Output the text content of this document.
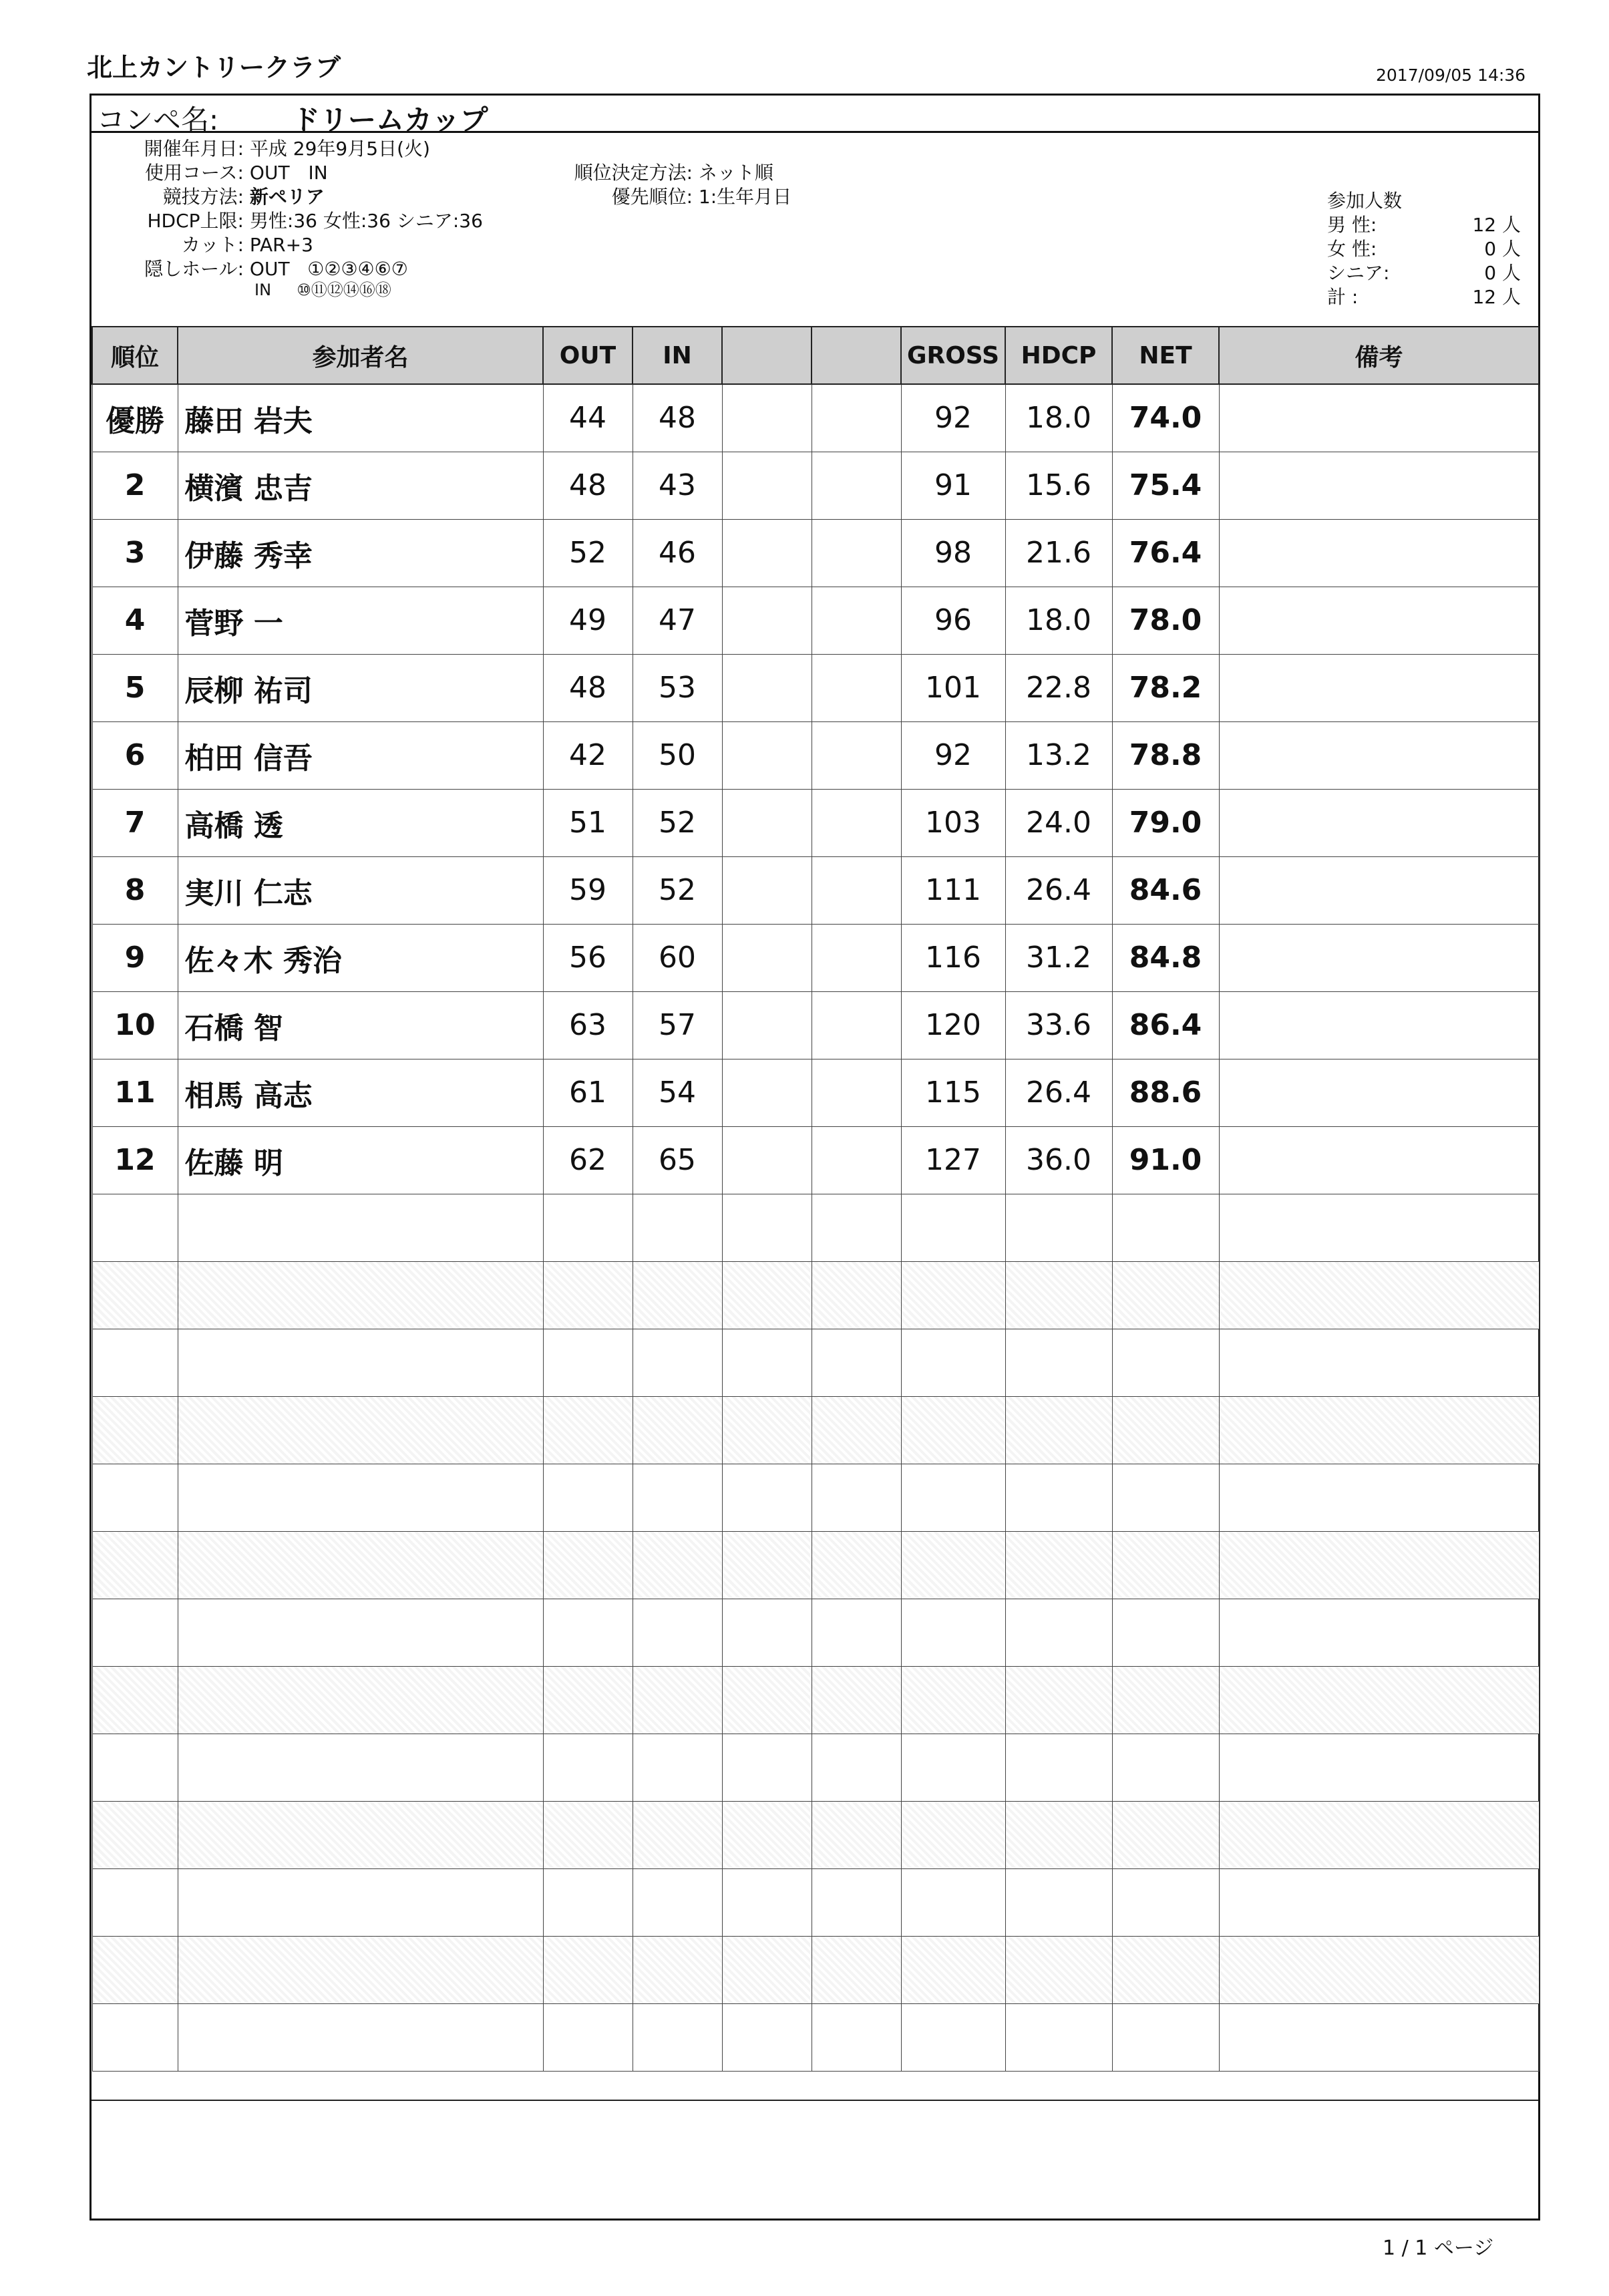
北上カントリークラブ	2017/09/05 14:36
コンペ名:	ドリームカップ
開催年月日: 平成 29年9月5日(火)
使用コース: OUT　IN
競技方法: 新ペリア
HDCP上限: 男性:36 女性:36 シニア:36
カット: PAR+3
隠しホール: OUT ①②③④⑥⑦
IN ⑩⑪⑫⑭⑯⑱
順位決定方法: ネット順
優先順位: 1:生年月日	参加人数
男 性:	12 人
女 性:	0 人
シニア:	0 人
計 :	12 人
順位	参加者名	OUT	IN			GROSS	HDCP	NET	備考
優勝	藤田 岩夫	44	48			92	18.0	74.0	
2	横濱 忠吉	48	43			91	15.6	75.4	
3	伊藤 秀幸	52	46			98	21.6	76.4	
4	菅野 一	49	47			96	18.0	78.0	
5	辰柳 祐司	48	53			101	22.8	78.2	
6	柏田 信吾	42	50			92	13.2	78.8	
7	高橋 透	51	52			103	24.0	79.0	
8	実川 仁志	59	52			111	26.4	84.6	
9	佐々木 秀治	56	60			116	31.2	84.8	
10	石橋 智	63	57			120	33.6	86.4	
11	相馬 高志	61	54			115	26.4	88.6	
12	佐藤 明	62	65			127	36.0	91.0	

1 / 1 ページ
